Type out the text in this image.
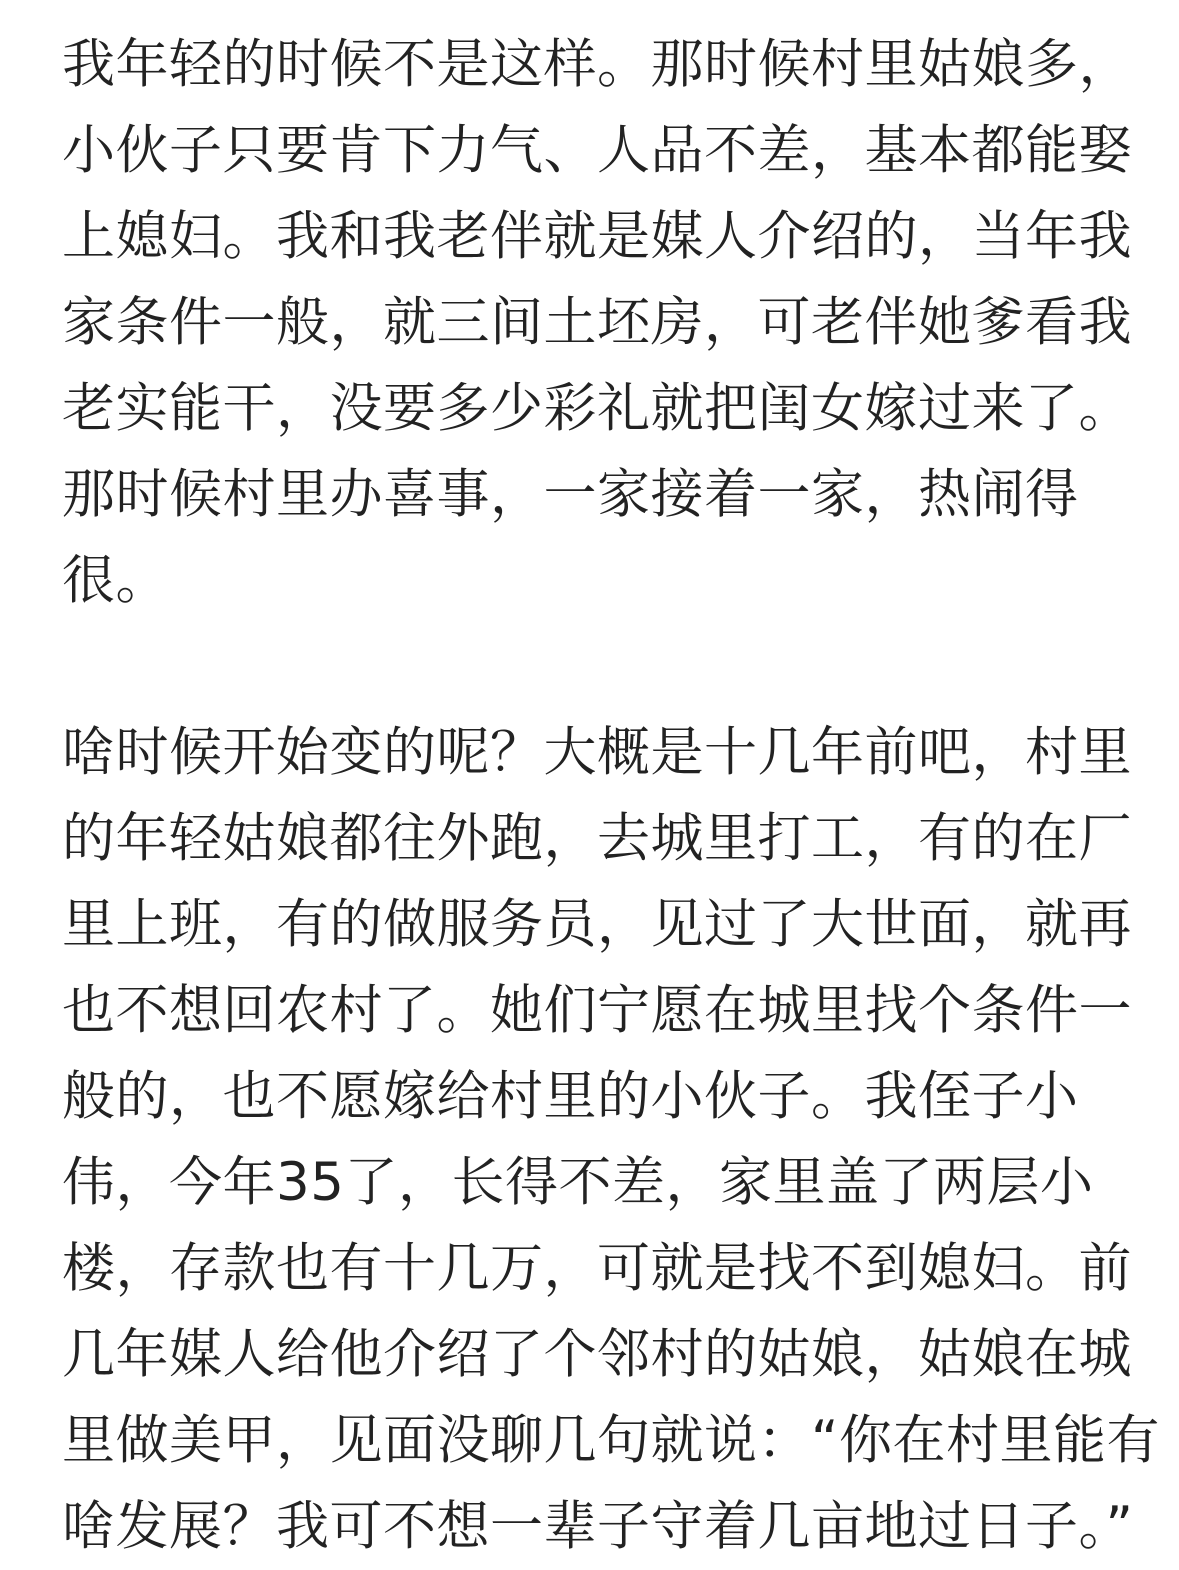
我年轻的时候不是这样。那时候村里姑娘多，
小伙子只要肯下力气、人品不差，基本都能娶
上媳妇。我和我老伴就是媒人介绍的，当年我
家条件一般，就三间土坯房，可老伴她爹看我
老实能干，没要多少彩礼就把闺女嫁过来了。
那时候村里办喜事，一家接着一家，热闹得
很。

啥时候开始变的呢？大概是十几年前吧，村里
的年轻姑娘都往外跑，去城里打工，有的在厂
里上班，有的做服务员，见过了大世面，就再
也不想回农村了。她们宁愿在城里找个条件一
般的，也不愿嫁给村里的小伙子。我侄子小
伟，今年35了，长得不差，家里盖了两层小
楼，存款也有十几万，可就是找不到媳妇。前
几年媒人给他介绍了个邻村的姑娘，姑娘在城
里做美甲，见面没聊几句就说：“你在村里能有
啥发展？我可不想一辈子守着几亩地过日子。”
